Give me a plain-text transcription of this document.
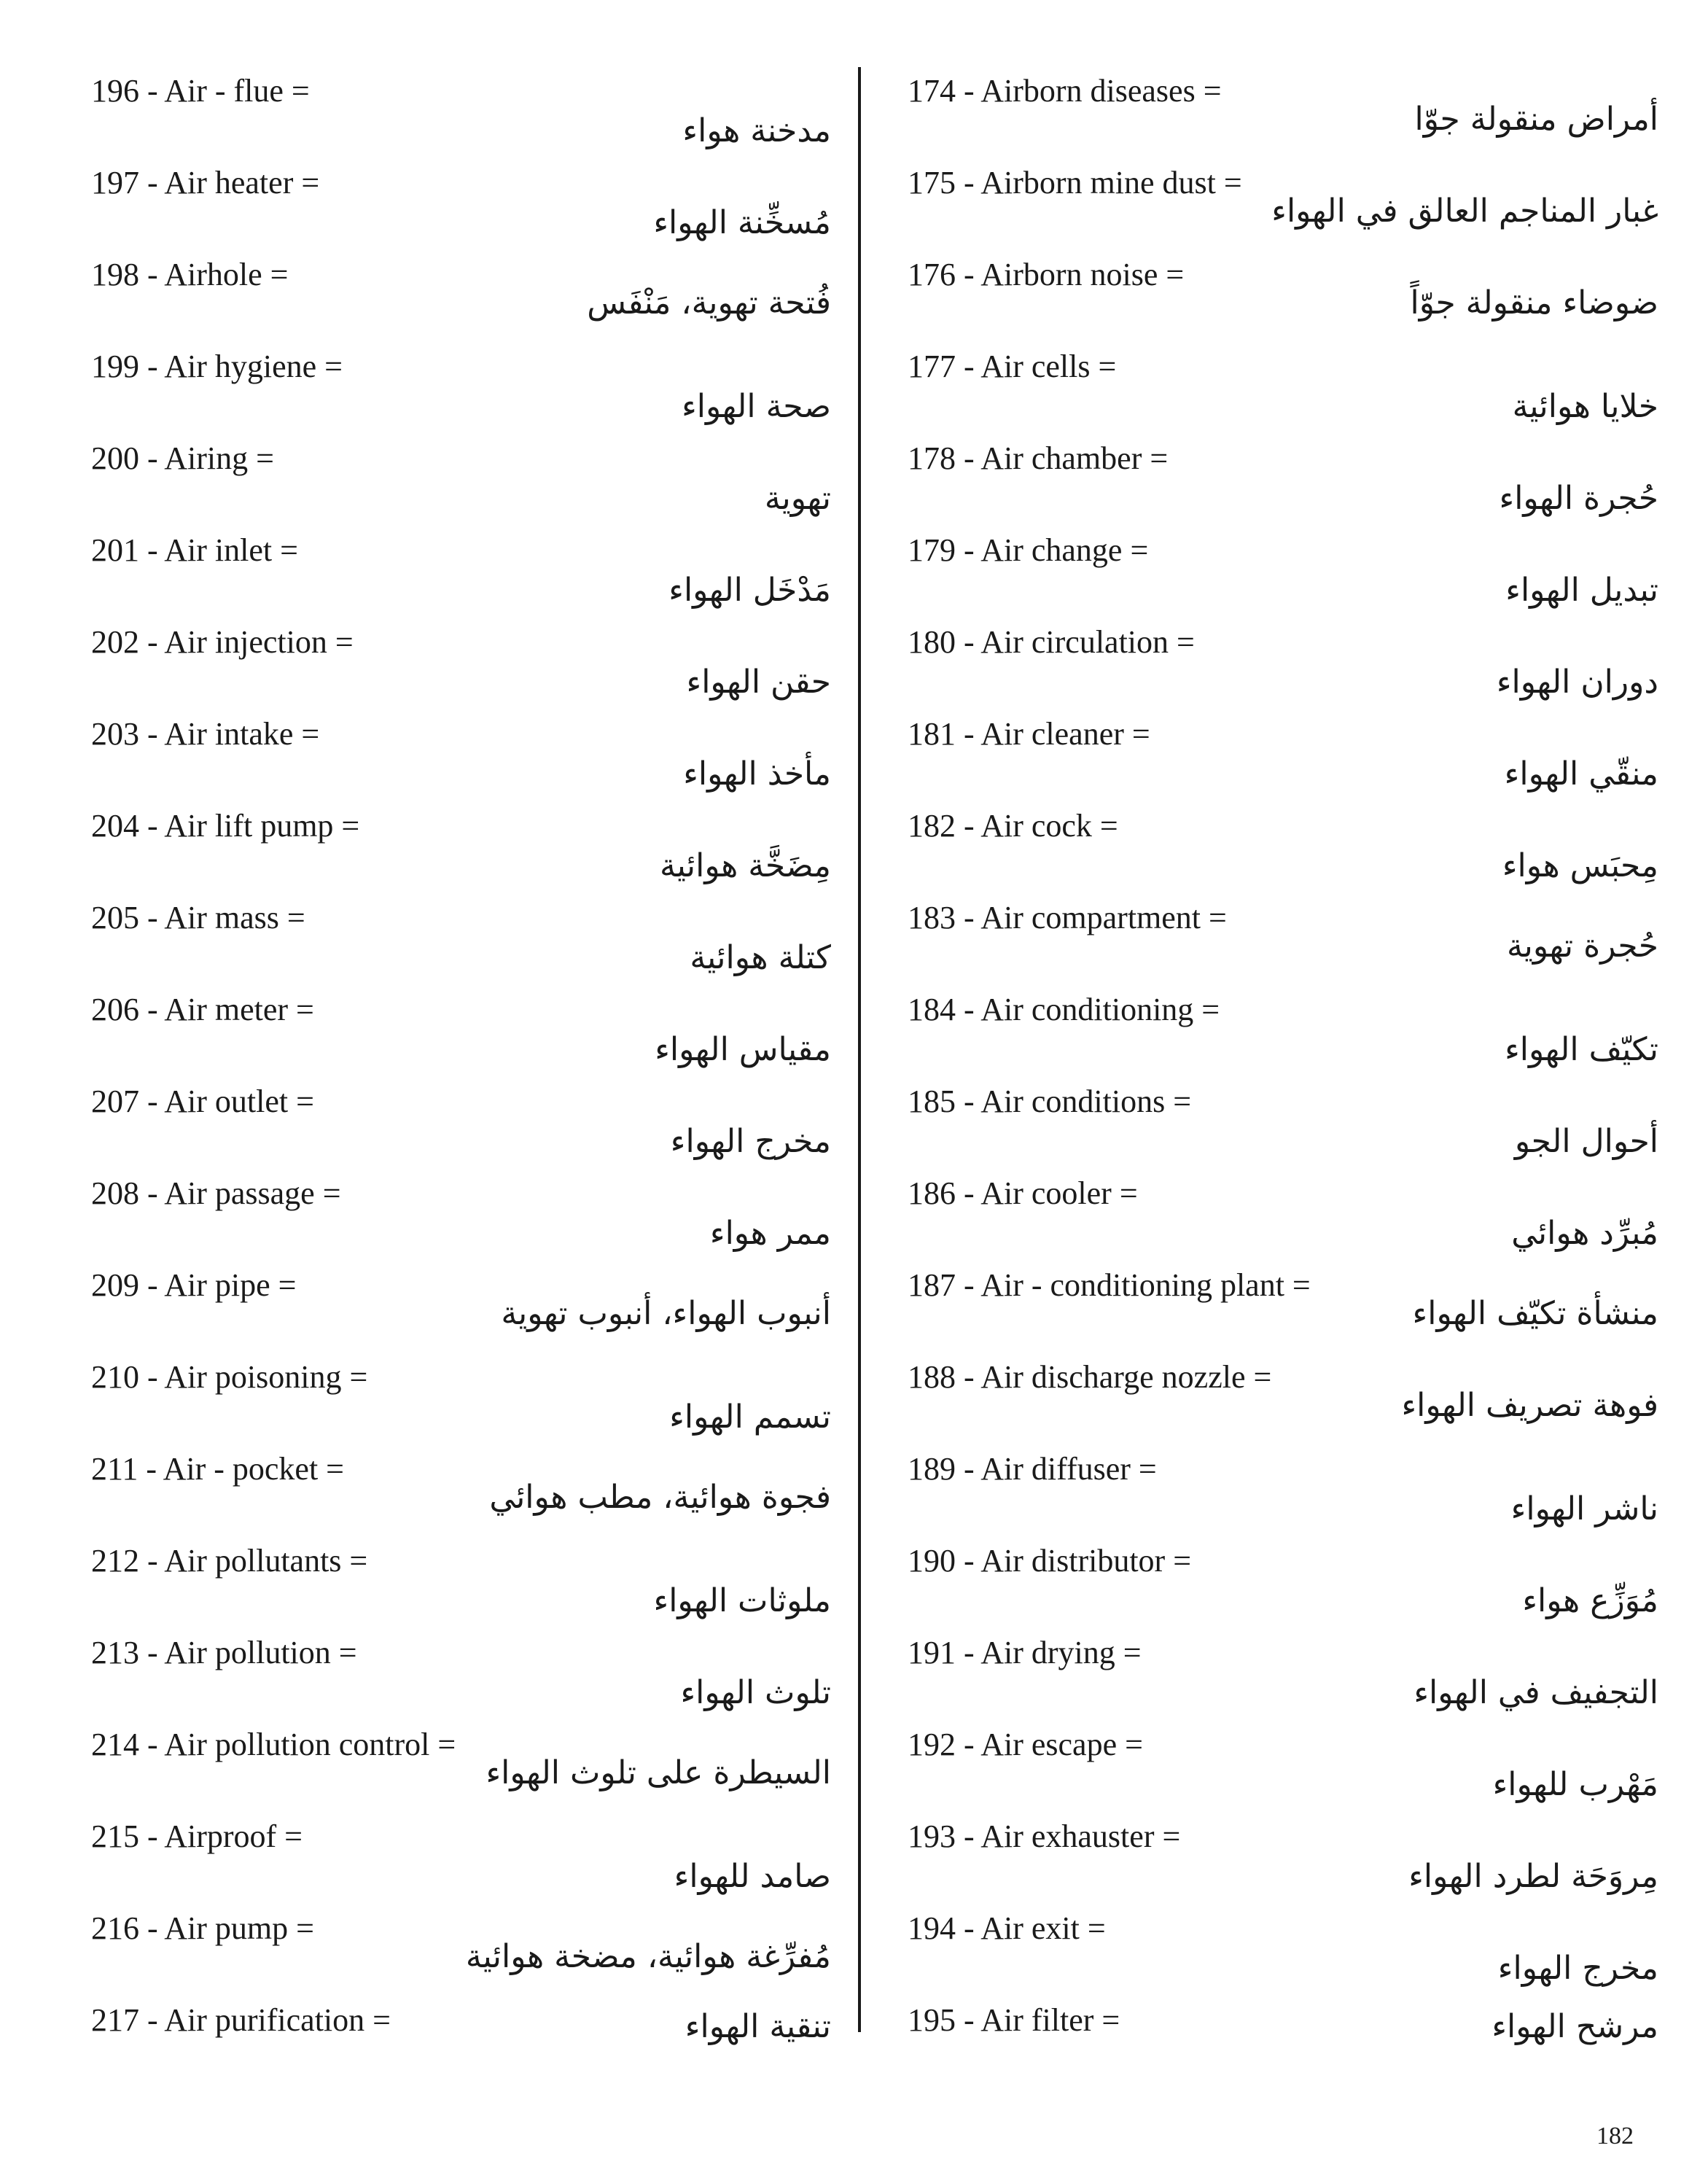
196 - Air - flue =
مدخنة هواء
197 - Air heater =
مُسخِّنة الهواء
198 - Airhole =
فُتحة تهوية، مَنْفَس
199 - Air hygiene =
صحة الهواء
200 - Airing =
تهوية
201 - Air inlet =
مَدْخَل الهواء
202 - Air injection =
حقن الهواء
203 - Air intake =
مأخذ الهواء
204 - Air lift pump =
مِضَخَّة هوائية
205 - Air mass =
كتلة هوائية
206 - Air meter =
مقياس الهواء
207 - Air outlet =
مخرج الهواء
208 - Air passage =
ممر هواء
209 - Air pipe =
أنبوب الهواء، أنبوب تهوية
210 - Air poisoning =
تسمم الهواء
211 - Air - pocket =
فجوة هوائية، مطب هوائي
212 - Air pollutants =
ملوثات الهواء
213 - Air pollution =
تلوث الهواء
214 - Air pollution control =
السيطرة على تلوث الهواء
215 - Airproof =
صامد للهواء
216 - Air pump =
مُفرِّغة هوائية، مضخة هوائية
217 - Air purification =	تنقية الهواء
174 - Airborn diseases =
أمراض منقولة جوّا
175 - Airborn mine dust =
غبار المناجم العالق في الهواء
176 - Airborn noise =
ضوضاء منقولة جوّاً
177 - Air cells =
خلايا هوائية
178 - Air chamber =
حُجرة الهواء
179 - Air change =
تبديل الهواء
180 - Air circulation =
دوران الهواء
181 - Air cleaner =
منقّي الهواء
182 - Air cock =
مِحبَس هواء
183 - Air compartment =
حُجرة تهوية
184 - Air conditioning =
تكيّف الهواء
185 - Air conditions =
أحوال الجو
186 - Air cooler =
مُبرِّد هوائي
187 - Air - conditioning plant =
منشأة تكيّف الهواء
188 - Air discharge nozzle =
فوهة تصريف الهواء
189 - Air diffuser =
ناشر الهواء
190 - Air distributor =
مُوَزِّع هواء
191 - Air drying =
التجفيف في الهواء
192 - Air escape =
مَهْرب للهواء
193 - Air exhauster =
مِروَحَة لطرد الهواء
194 - Air exit =
مخرج الهواء
195 - Air filter =	مرشح الهواء
182
